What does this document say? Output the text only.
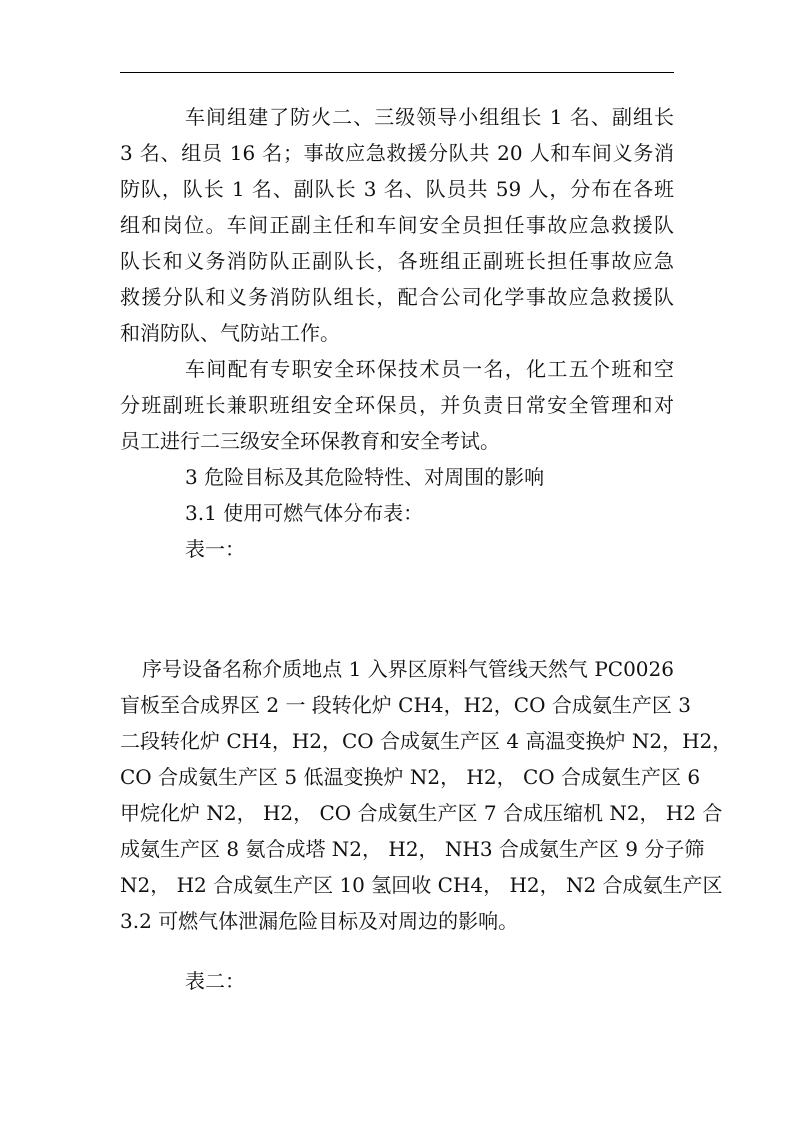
车间组建了防火二、三级领导小组组长 1 名、副组长
3 名、组员 16 名；事故应急救援分队共 20 人和车间义务消
防队，队长 1 名、副队长 3 名、队员共 59 人，分布在各班
组和岗位。车间正副主任和车间安全员担任事故应急救援队
队长和义务消防队正副队长，各班组正副班长担任事故应急
救援分队和义务消防队组长，配合公司化学事故应急救援队
和消防队、气防站工作。
车间配有专职安全环保技术员一名，化工五个班和空
分班副班长兼职班组安全环保员，并负责日常安全管理和对
员工进行二三级安全环保教育和安全考试。
3 危险目标及其危险特性、对周围的影响
3.1 使用可燃气体分布表：
表一：
序号设备名称介质地点 1 入界区原料气管线天然气 PC0026
盲板至合成界区 2 一 段转化炉 CH4，H2，CO 合成氨生产区 3
二段转化炉 CH4，H2，CO 合成氨生产区 4 高温变换炉 N2，H2，
CO 合成氨生产区 5 低温变换炉 N2， H2， CO 合成氨生产区 6
甲烷化炉 N2， H2， CO 合成氨生产区 7 合成压缩机 N2， H2 合
成氨生产区 8 氨合成塔 N2， H2， NH3 合成氨生产区 9 分子筛
N2， H2 合成氨生产区 10 氢回收 CH4， H2， N2 合成氨生产区
3.2 可燃气体泄漏危险目标及对周边的影响。
表二：
